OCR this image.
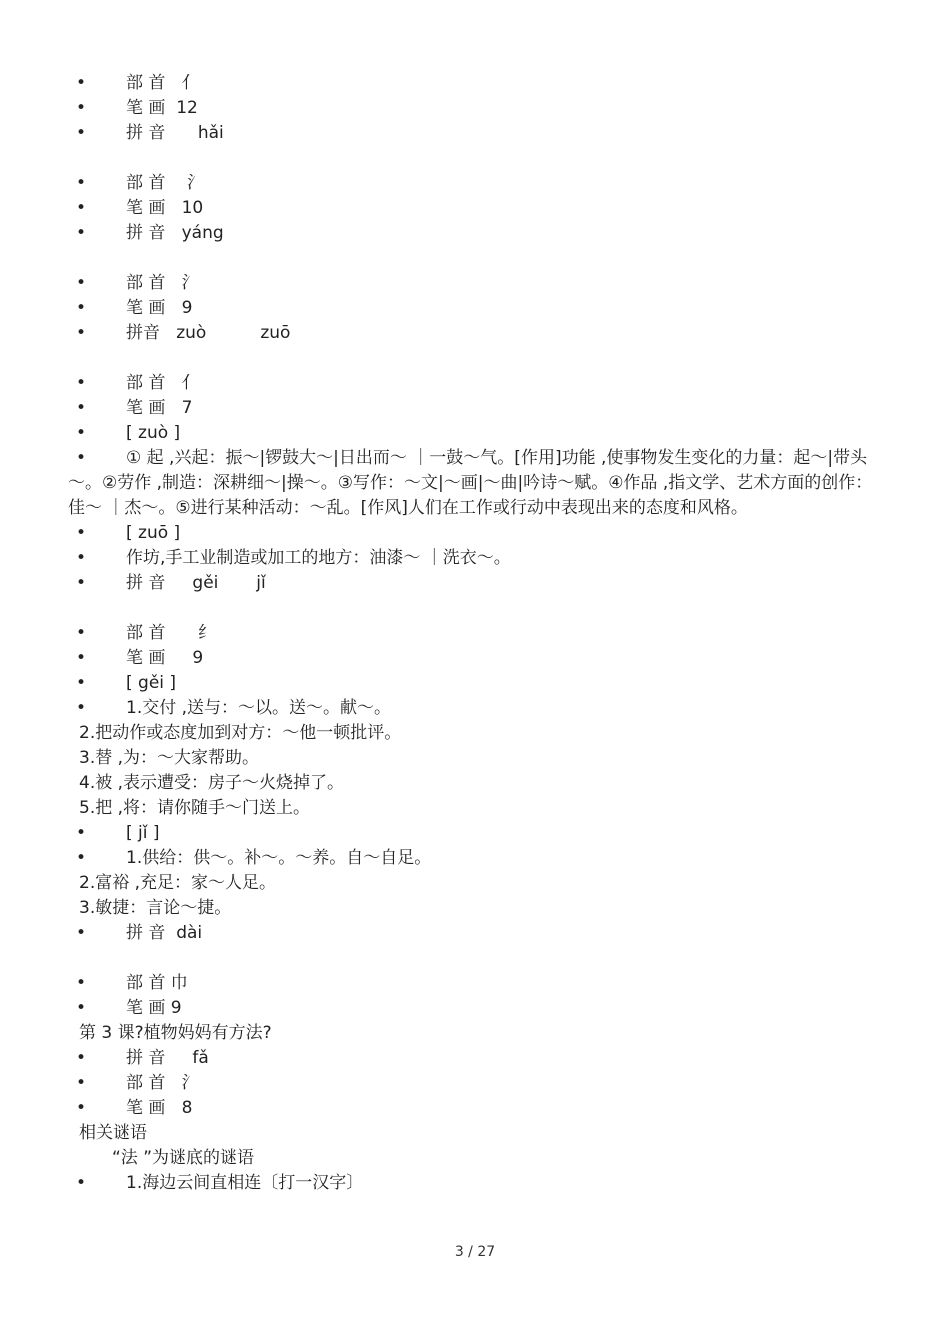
• 部 首   亻
• 笔 画  12
• 拼 音      hǎi
• 部 首    氵
• 笔 画   10
• 拼 音   yáng
• 部 首   氵
• 笔 画   9
• 拼音   zuò          zuō
• 部 首   亻
• 笔 画   7
• [ zuò ]
• ① 起 ,兴起：振～|锣鼓大～|日出而～ ｜一鼓～气。[作用]功能 ,使事物发生变化的力量：起～|带头～。②劳作 ,制造：深耕细～|操～。③写作：～文|～画|～曲|吟诗～赋。④作品 ,指文学、艺术方面的创作：佳～ ｜杰～。⑤进行某种活动：～乱。[作风]人们在工作或行动中表现出来的态度和风格。
• [ zuō ]
• 作坊,手工业制造或加工的地方：油漆～ ｜洗衣～。
• 拼 音     gěi       jǐ
• 部 首      纟
• 笔 画     9
• [ gěi ]
• 1.交付 ,送与：～以。送～。献～。
2.把动作或态度加到对方：～他一顿批评。
3.替 ,为：～大家帮助。
4.被 ,表示遭受：房子～火烧掉了。
5.把 ,将：请你随手～门送上。
• [ jǐ ]
• 1.供给：供～。补～。～养。自～自足。
2.富裕 ,充足：家～人足。
3.敏捷：言论～捷。
• 拼 音  dài
• 部 首 巾
• 笔 画 9
第 3 课?植物妈妈有方法?
• 拼 音     fǎ
• 部 首   氵
• 笔 画   8
相关谜语
“法 ”为谜底的谜语
• 1.海边云间直相连〔打一汉字〕
3 / 27
